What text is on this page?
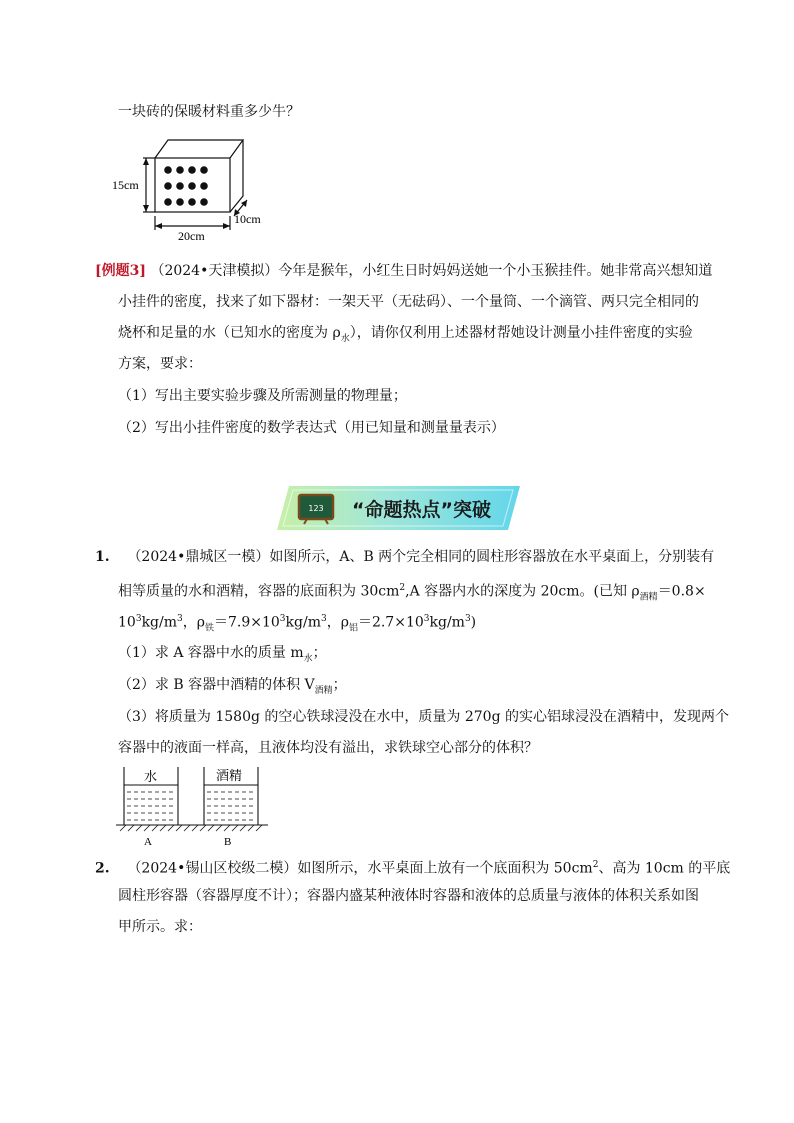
一块砖的保暖材料重多少牛？
15cm
10cm
20cm
[例题3] （2024•天津模拟）今年是猴年，小红生日时妈妈送她一个小玉猴挂件。她非常高兴想知道
小挂件的密度，找来了如下器材：一架天平（无砝码）、一个量筒、一个滴管、两只完全相同的
烧杯和足量的水（已知水的密度为 $\rho_水$），请你仅利用上述器材帮她设计测量小挂件密度的实验
方案，要求：
（1）写出主要实验步骤及所需测量的物理量；
（2）写出小挂件密度的数学表达式（用已知量和测量量表示）
123 “命题热点”突破
1. （2024•鼎城区一模）如图所示，A、B 两个完全相同的圆柱形容器放在水平桌面上，分别装有
相等质量的水和酒精，容器的底面积为 $30cm^2,A$ 容器内水的深度为 20cm。(已知 $\rho_{酒精}=0.8\times$
$10^3kg/m^3$，$\rho_铁=7.9\times 10^3kg/m^3$，$\rho_铝=2.7\times 10^3kg/m^3$)
（1）求 A 容器中水的质量 $m_水$；
（2）求 B 容器中酒精的体积 $V_{酒精}$；
（3）将质量为 1580g 的空心铁球浸没在水中，质量为 270g 的实心铝球浸没在酒精中，发现两个
容器中的液面一样高，且液体均没有溢出，求铁球空心部分的体积？
水	酒精
A	B
2. （2024•锡山区校级二模）如图所示，水平桌面上放有一个底面积为 $50cm^2$、高为 10cm 的平底
圆柱形容器（容器厚度不计）；容器内盛某种液体时容器和液体的总质量与液体的体积关系如图
甲所示。求：
